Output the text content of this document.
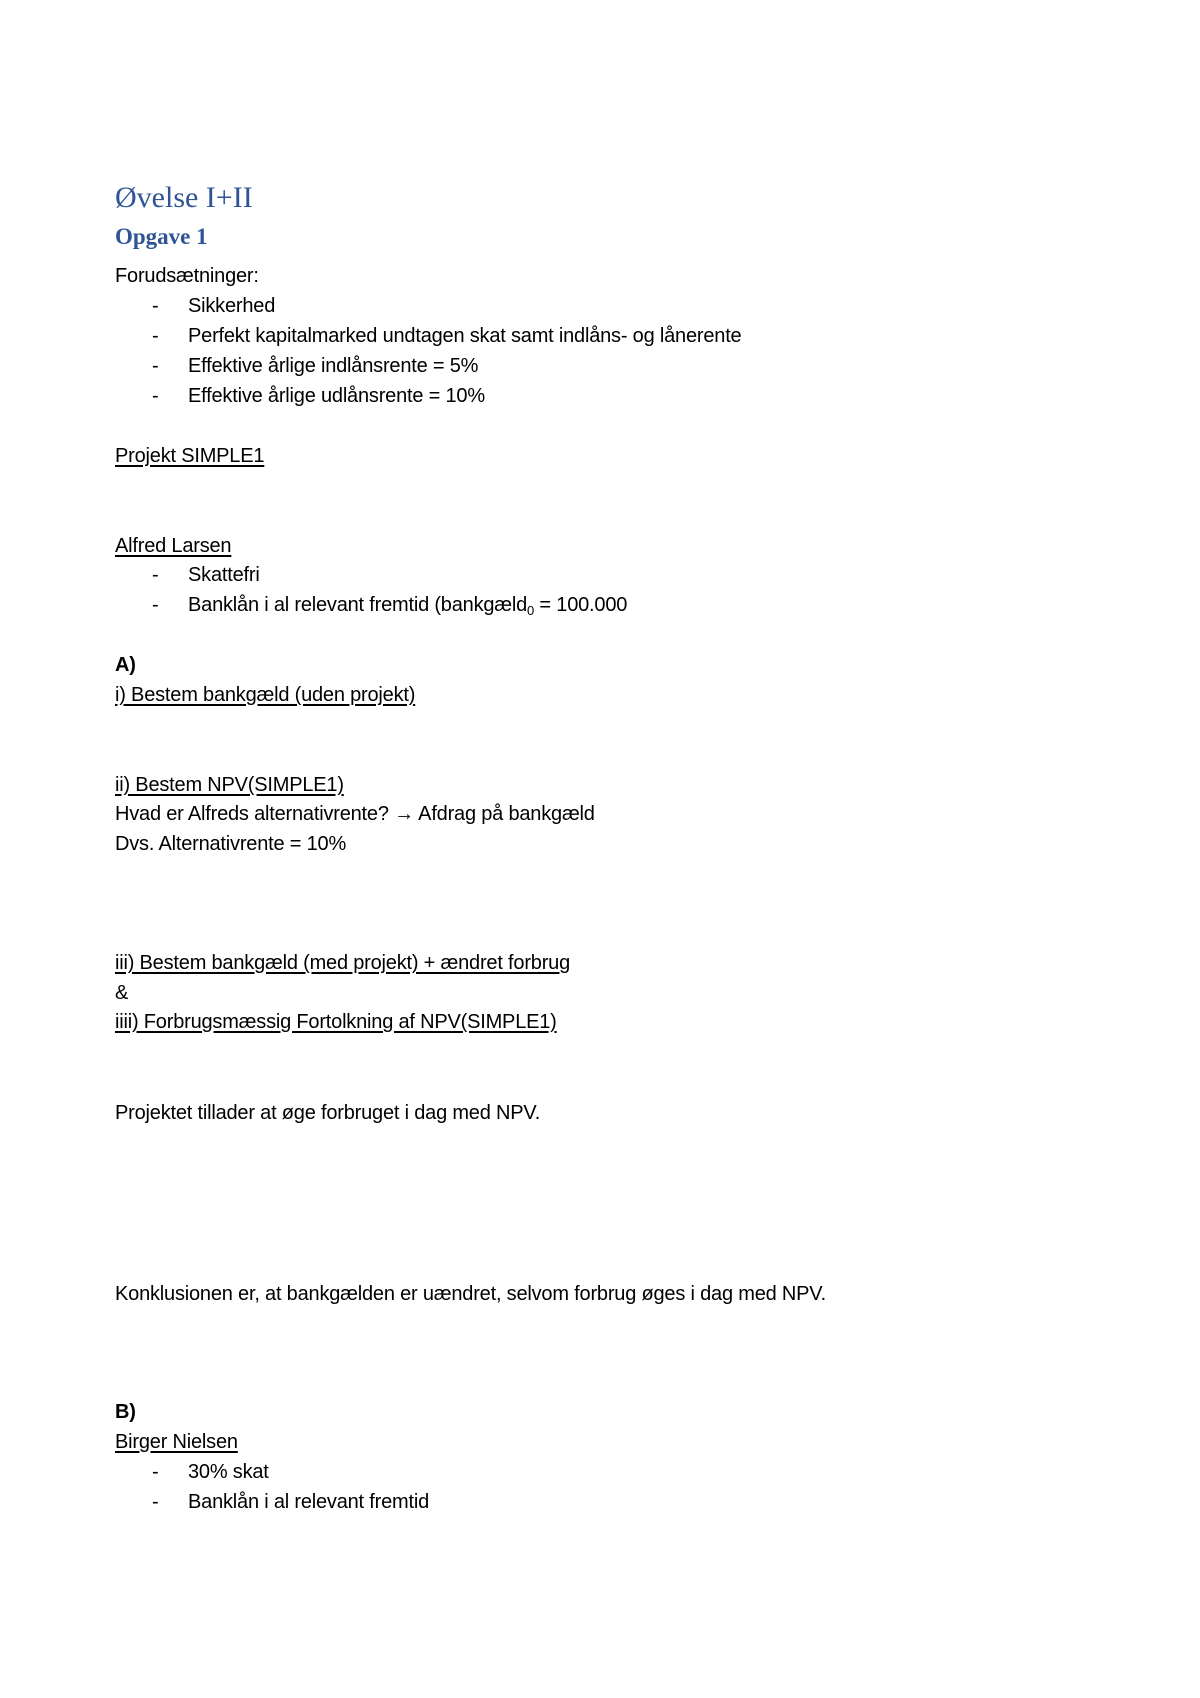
Øvelse I+II
Opgave 1
Forudsætninger:
- Sikkerhed
- Perfekt kapitalmarked undtagen skat samt indlåns- og lånerente
- Effektive årlige indlånsrente = 5%
- Effektive årlige udlånsrente = 10%
Projekt SIMPLE1
Alfred Larsen
- Skattefri
- Banklån i al relevant fremtid (bankgæld$_0$ = 100.000
A)
i) Bestem bankgæld (uden projekt)
ii) Bestem NPV(SIMPLE1)
Hvad er Alfreds alternativrente? → Afdrag på bankgæld
Dvs. Alternativrente = 10%
iii) Bestem bankgæld (med projekt) + ændret forbrug
&
iiii) Forbrugsmæssig Fortolkning af NPV(SIMPLE1)
Projektet tillader at øge forbruget i dag med NPV.
Konklusionen er, at bankgælden er uændret, selvom forbrug øges i dag med NPV.
B)
Birger Nielsen
- 30% skat
- Banklån i al relevant fremtid
